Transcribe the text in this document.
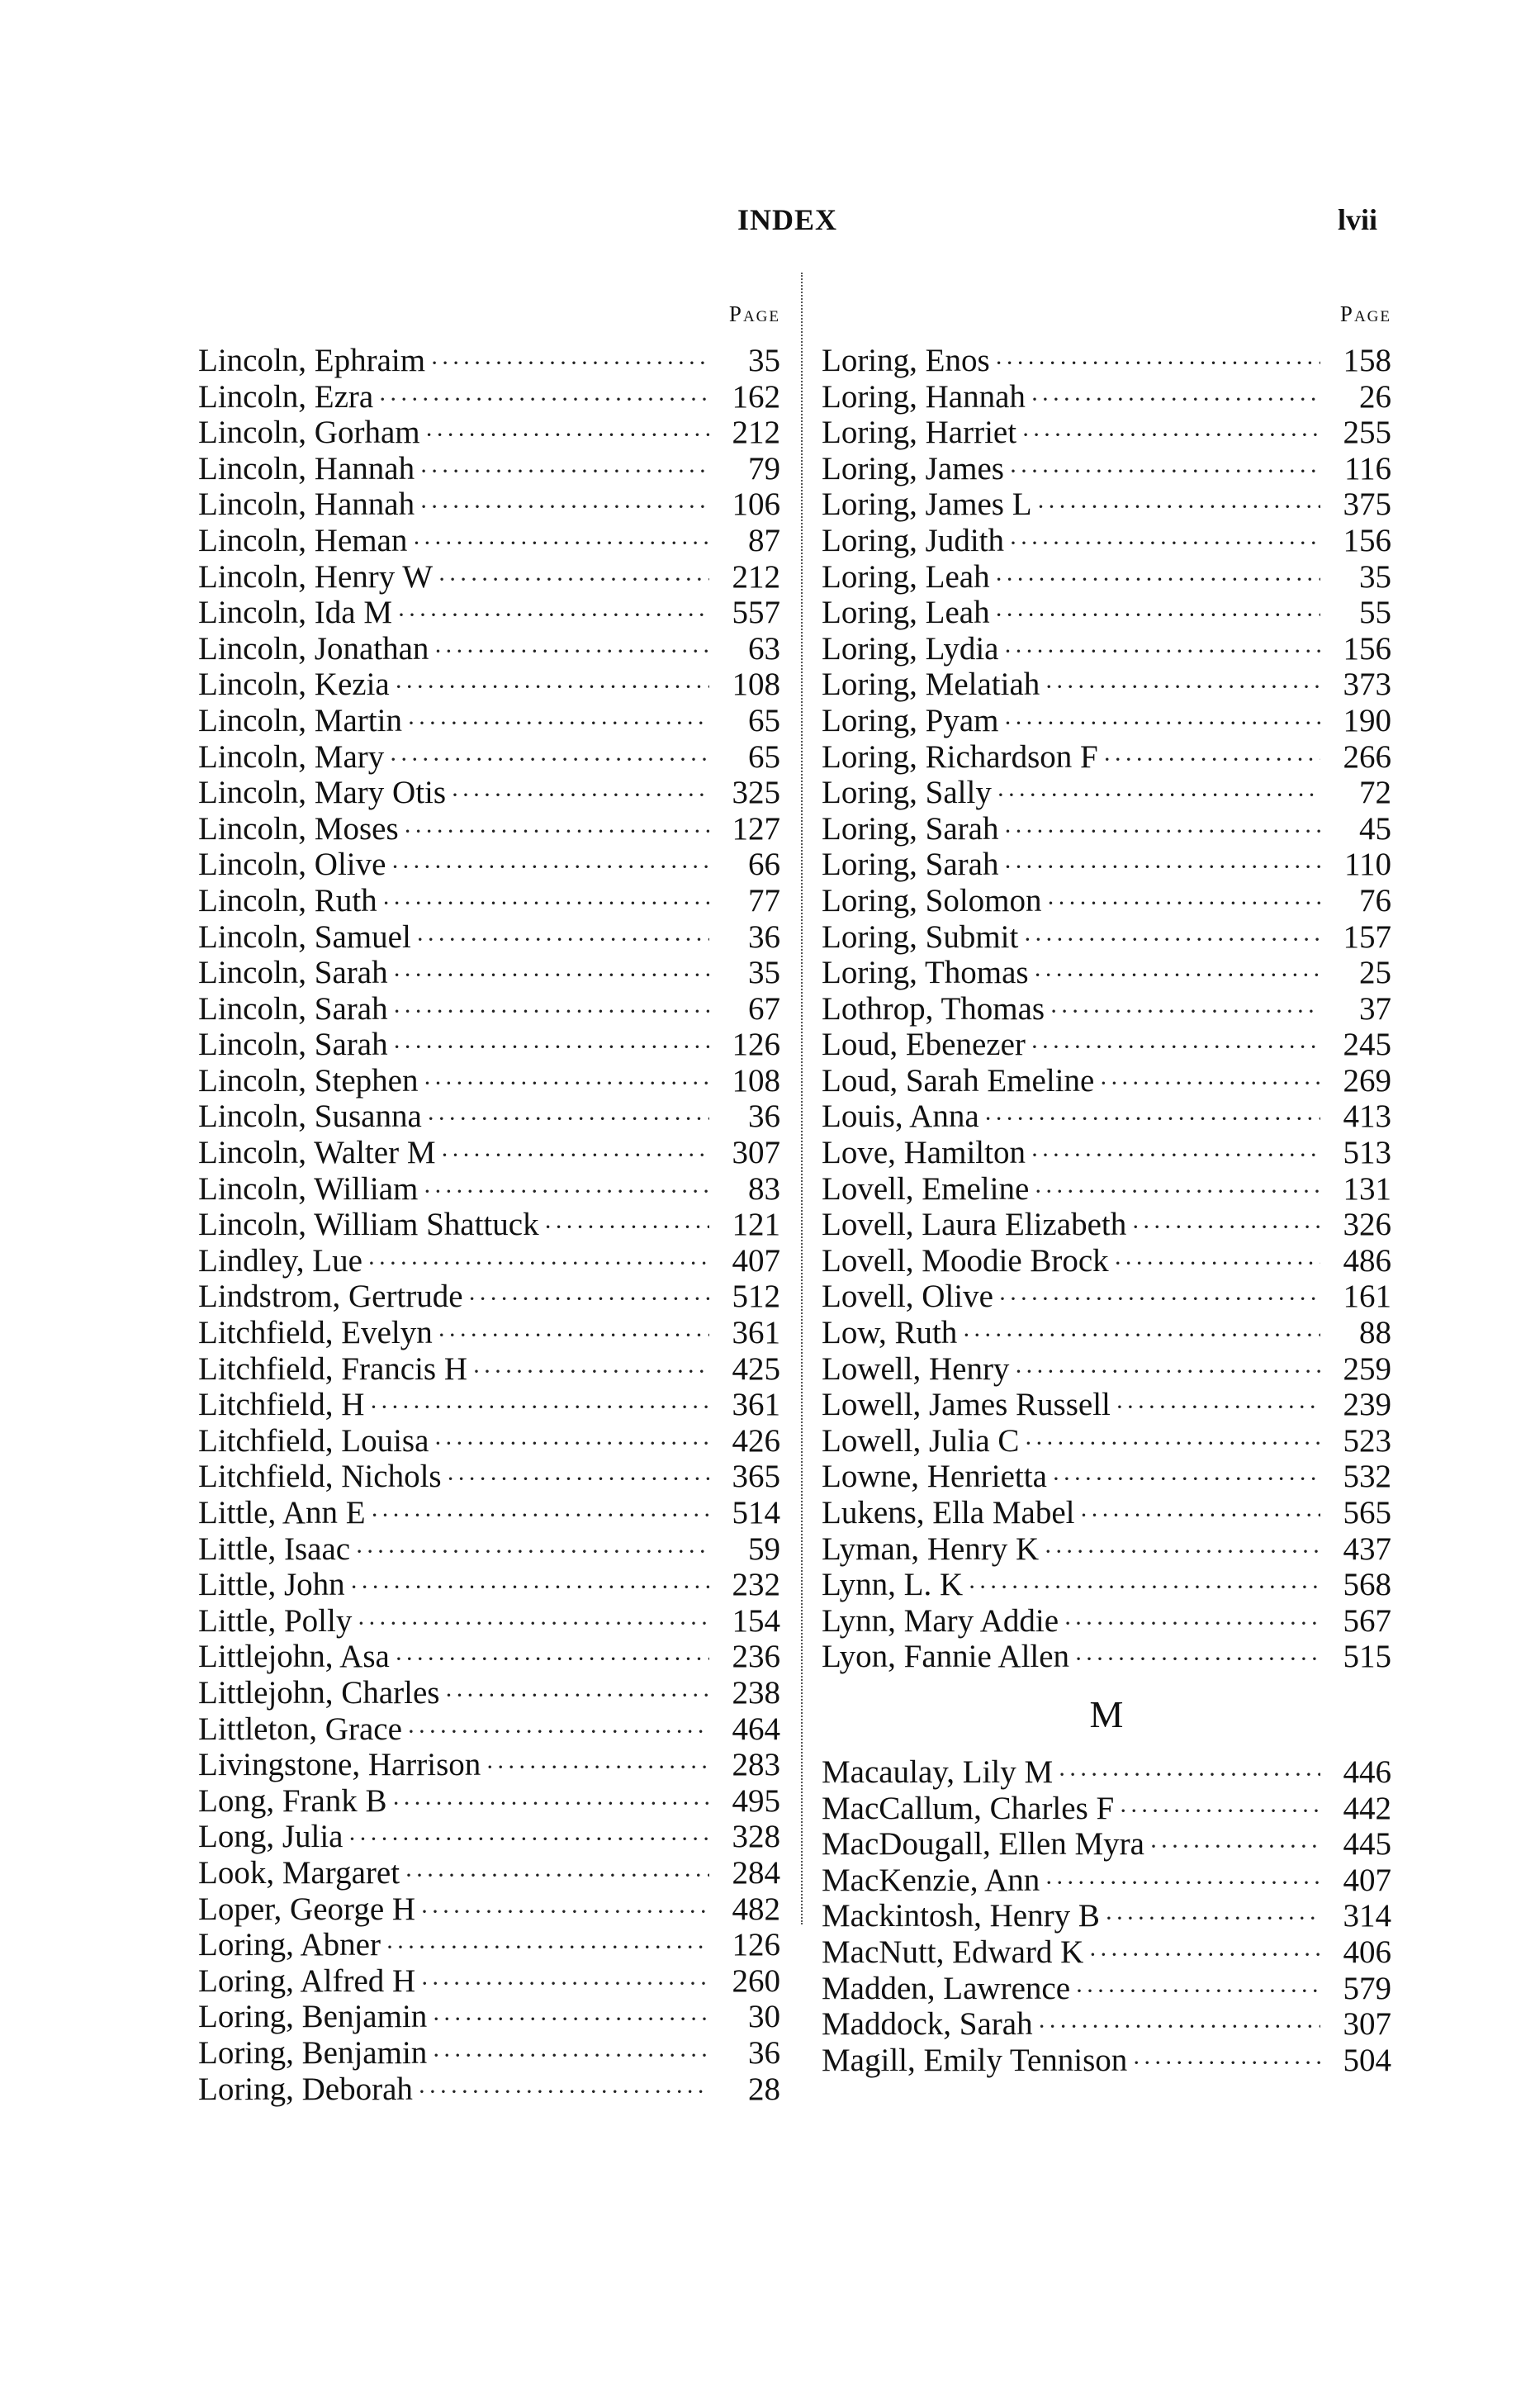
INDEX	lvii
Page
Lincoln, Ephraim ·····	35
Lincoln, Ezra ·····	162
Lincoln, Gorham ·····	212
Lincoln, Hannah ·····	79
Lincoln, Hannah ·····	106
Lincoln, Heman ·····	87
Lincoln, Henry W ·····	212
Lincoln, Ida M ·····	557
Lincoln, Jonathan ·····	63
Lincoln, Kezia ·····	108
Lincoln, Martin ·····	65
Lincoln, Mary ·····	65
Lincoln, Mary Otis ·····	325
Lincoln, Moses ·····	127
Lincoln, Olive ·····	66
Lincoln, Ruth ·····	77
Lincoln, Samuel ·····	36
Lincoln, Sarah ·····	35
Lincoln, Sarah ·····	67
Lincoln, Sarah ·····	126
Lincoln, Stephen ·····	108
Lincoln, Susanna ·····	36
Lincoln, Walter M ·····	307
Lincoln, William ·····	83
Lincoln, William Shattuck ·····	121
Lindley, Lue ·····	407
Lindstrom, Gertrude ·····	512
Litchfield, Evelyn ·····	361
Litchfield, Francis H ·····	425
Litchfield, H ·····	361
Litchfield, Louisa ·····	426
Litchfield, Nichols ·····	365
Little, Ann E ·····	514
Little, Isaac ·····	59
Little, John ·····	232
Little, Polly ·····	154
Littlejohn, Asa ·····	236
Littlejohn, Charles ·····	238
Littleton, Grace ·····	464
Livingstone, Harrison ·····	283
Long, Frank B ·····	495
Long, Julia ·····	328
Look, Margaret ·····	284
Loper, George H ·····	482
Loring, Abner ·····	126
Loring, Alfred H ·····	260
Loring, Benjamin ·····	30
Loring, Benjamin ·····	36
Loring, Deborah ·····	28
Page
Loring, Enos ·····	158
Loring, Hannah ·····	26
Loring, Harriet ·····	255
Loring, James ·····	116
Loring, James L ·····	375
Loring, Judith ·····	156
Loring, Leah ·····	35
Loring, Leah ·····	55
Loring, Lydia ·····	156
Loring, Melatiah ·····	373
Loring, Pyam ·····	190
Loring, Richardson F ·····	266
Loring, Sally ·····	72
Loring, Sarah ·····	45
Loring, Sarah ·····	110
Loring, Solomon ·····	76
Loring, Submit ·····	157
Loring, Thomas ·····	25
Lothrop, Thomas ·····	37
Loud, Ebenezer ·····	245
Loud, Sarah Emeline ·····	269
Louis, Anna ·····	413
Love, Hamilton ·····	513
Lovell, Emeline ·····	131
Lovell, Laura Elizabeth ·····	326
Lovell, Moodie Brock ·····	486
Lovell, Olive ·····	161
Low, Ruth ·····	88
Lowell, Henry ·····	259
Lowell, James Russell ·····	239
Lowell, Julia C ·····	523
Lowne, Henrietta ·····	532
Lukens, Ella Mabel ·····	565
Lyman, Henry K ·····	437
Lynn, L. K ·····	568
Lynn, Mary Addie ·····	567
Lyon, Fannie Allen ·····	515
M
Macaulay, Lily M ·····	446
MacCallum, Charles F ·····	442
MacDougall, Ellen Myra ·····	445
MacKenzie, Ann ·····	407
Mackintosh, Henry B ·····	314
MacNutt, Edward K ·····	406
Madden, Lawrence ·····	579
Maddock, Sarah ·····	307
Magill, Emily Tennison ·····	504
